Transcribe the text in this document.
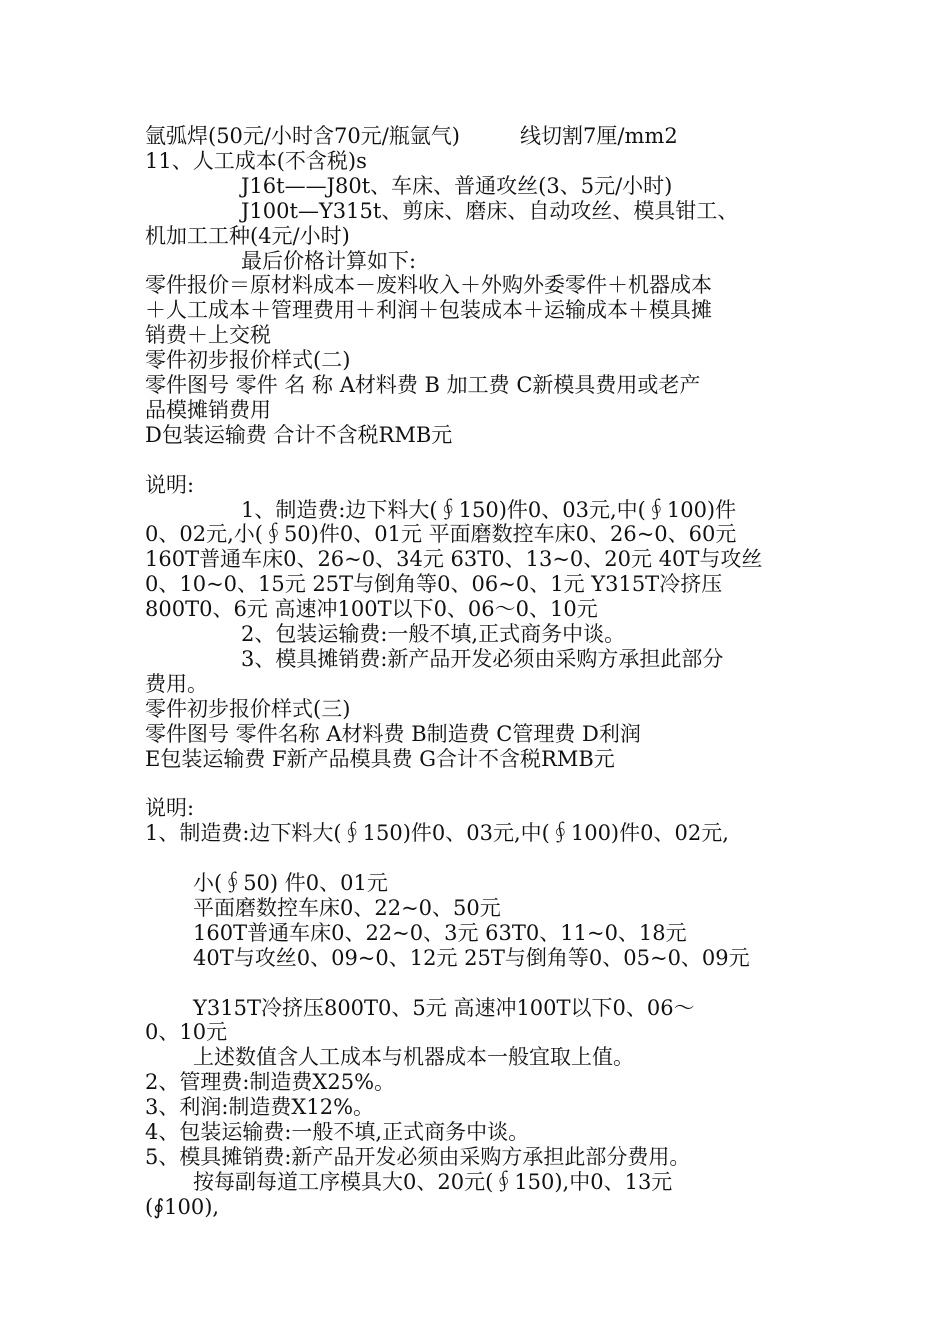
氩弧焊(50元/小时含70元/瓶氩气)         线切割7厘/mm2
11、人工成本(不含税)s
J16t——J80t、车床、普通攻丝(3、5元/小时)
J100t—Y315t、剪床、磨床、自动攻丝、模具钳工、
机加工工种(4元/小时)
最后价格计算如下:
零件报价＝原材料成本－废料收入＋外购外委零件＋机器成本
＋人工成本＋管理费用＋利润＋包装成本＋运输成本＋模具摊
销费＋上交税
零件初步报价样式(二)
零件图号 零件 名 称 A材料费 B 加工费 C新模具费用或老产
品模摊销费用
D包装运输费 合计不含税RMB元
说明:
1、制造费:边下料大(∮150)件0、03元,中(∮100)件
0、02元,小(∮50)件0、01元 平面磨数控车床0、26~0、60元
160T普通车床0、26~0、34元 63T0、13~0、20元 40T与攻丝
0、10~0、15元 25T与倒角等0、06~0、1元 Y315T冷挤压
800T0、6元 高速冲100T以下0、06～0、10元
2、包装运输费:一般不填,正式商务中谈。
3、模具摊销费:新产品开发必须由采购方承担此部分
费用。
零件初步报价样式(三)
零件图号 零件名称 A材料费 B制造费 C管理费 D利润
E包装运输费 F新产品模具费 G合计不含税RMB元
说明:
1、制造费:边下料大(∮150)件0、03元,中(∮100)件0、02元,
小(∮50) 件0、01元
平面磨数控车床0、22~0、50元
160T普通车床0、22~0、3元 63T0、11~0、18元
40T与攻丝0、09~0、12元 25T与倒角等0、05~0、09元
Y315T冷挤压800T0、5元 高速冲100T以下0、06～
0、10元
上述数值含人工成本与机器成本一般宜取上值。
2、管理费:制造费X25%。
3、利润:制造费X12%。
4、包装运输费:一般不填,正式商务中谈。
5、模具摊销费:新产品开发必须由采购方承担此部分费用。
按每副每道工序模具大0、20元(∮150),中0、13元
(∮100),
